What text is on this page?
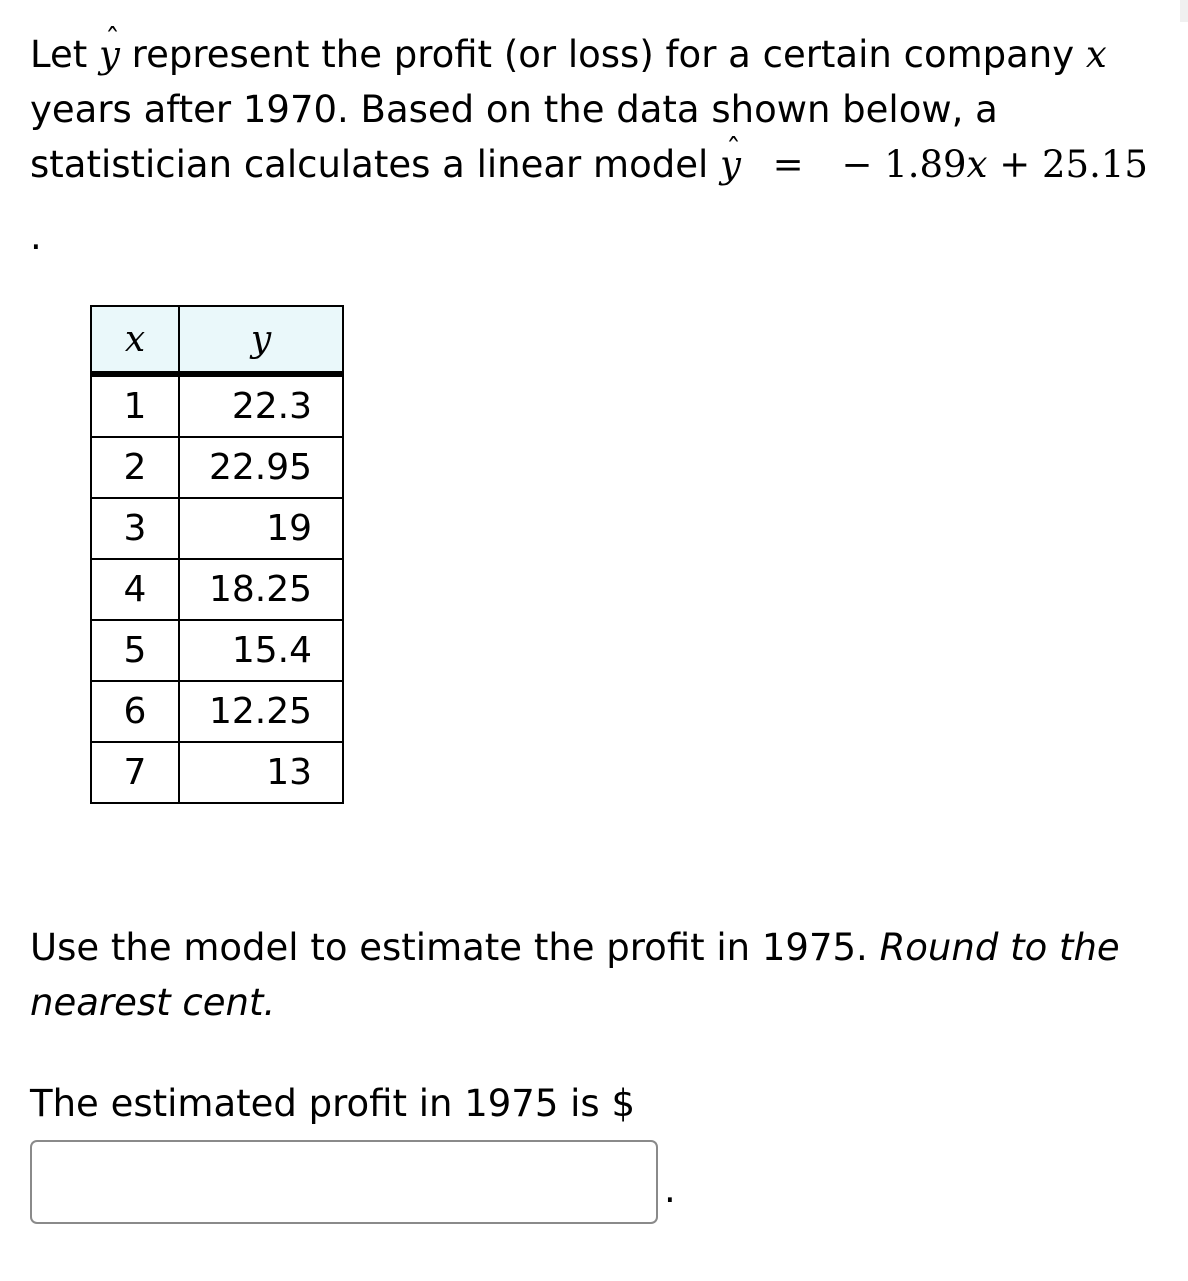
Let ˆ y represent the profit (or loss) for a certain company x
years after 1970. Based on the data shown below, a
statistician calculates a linear model ˆ y = − 1.89x + 25.15
.
x	y
1	22.3
2	22.95
3	19
4	18.25
5	15.4
6	12.25
7	13
Use the model to estimate the profit in 1975. Round to the nearest cent.
The estimated profit in 1975 is $
.
